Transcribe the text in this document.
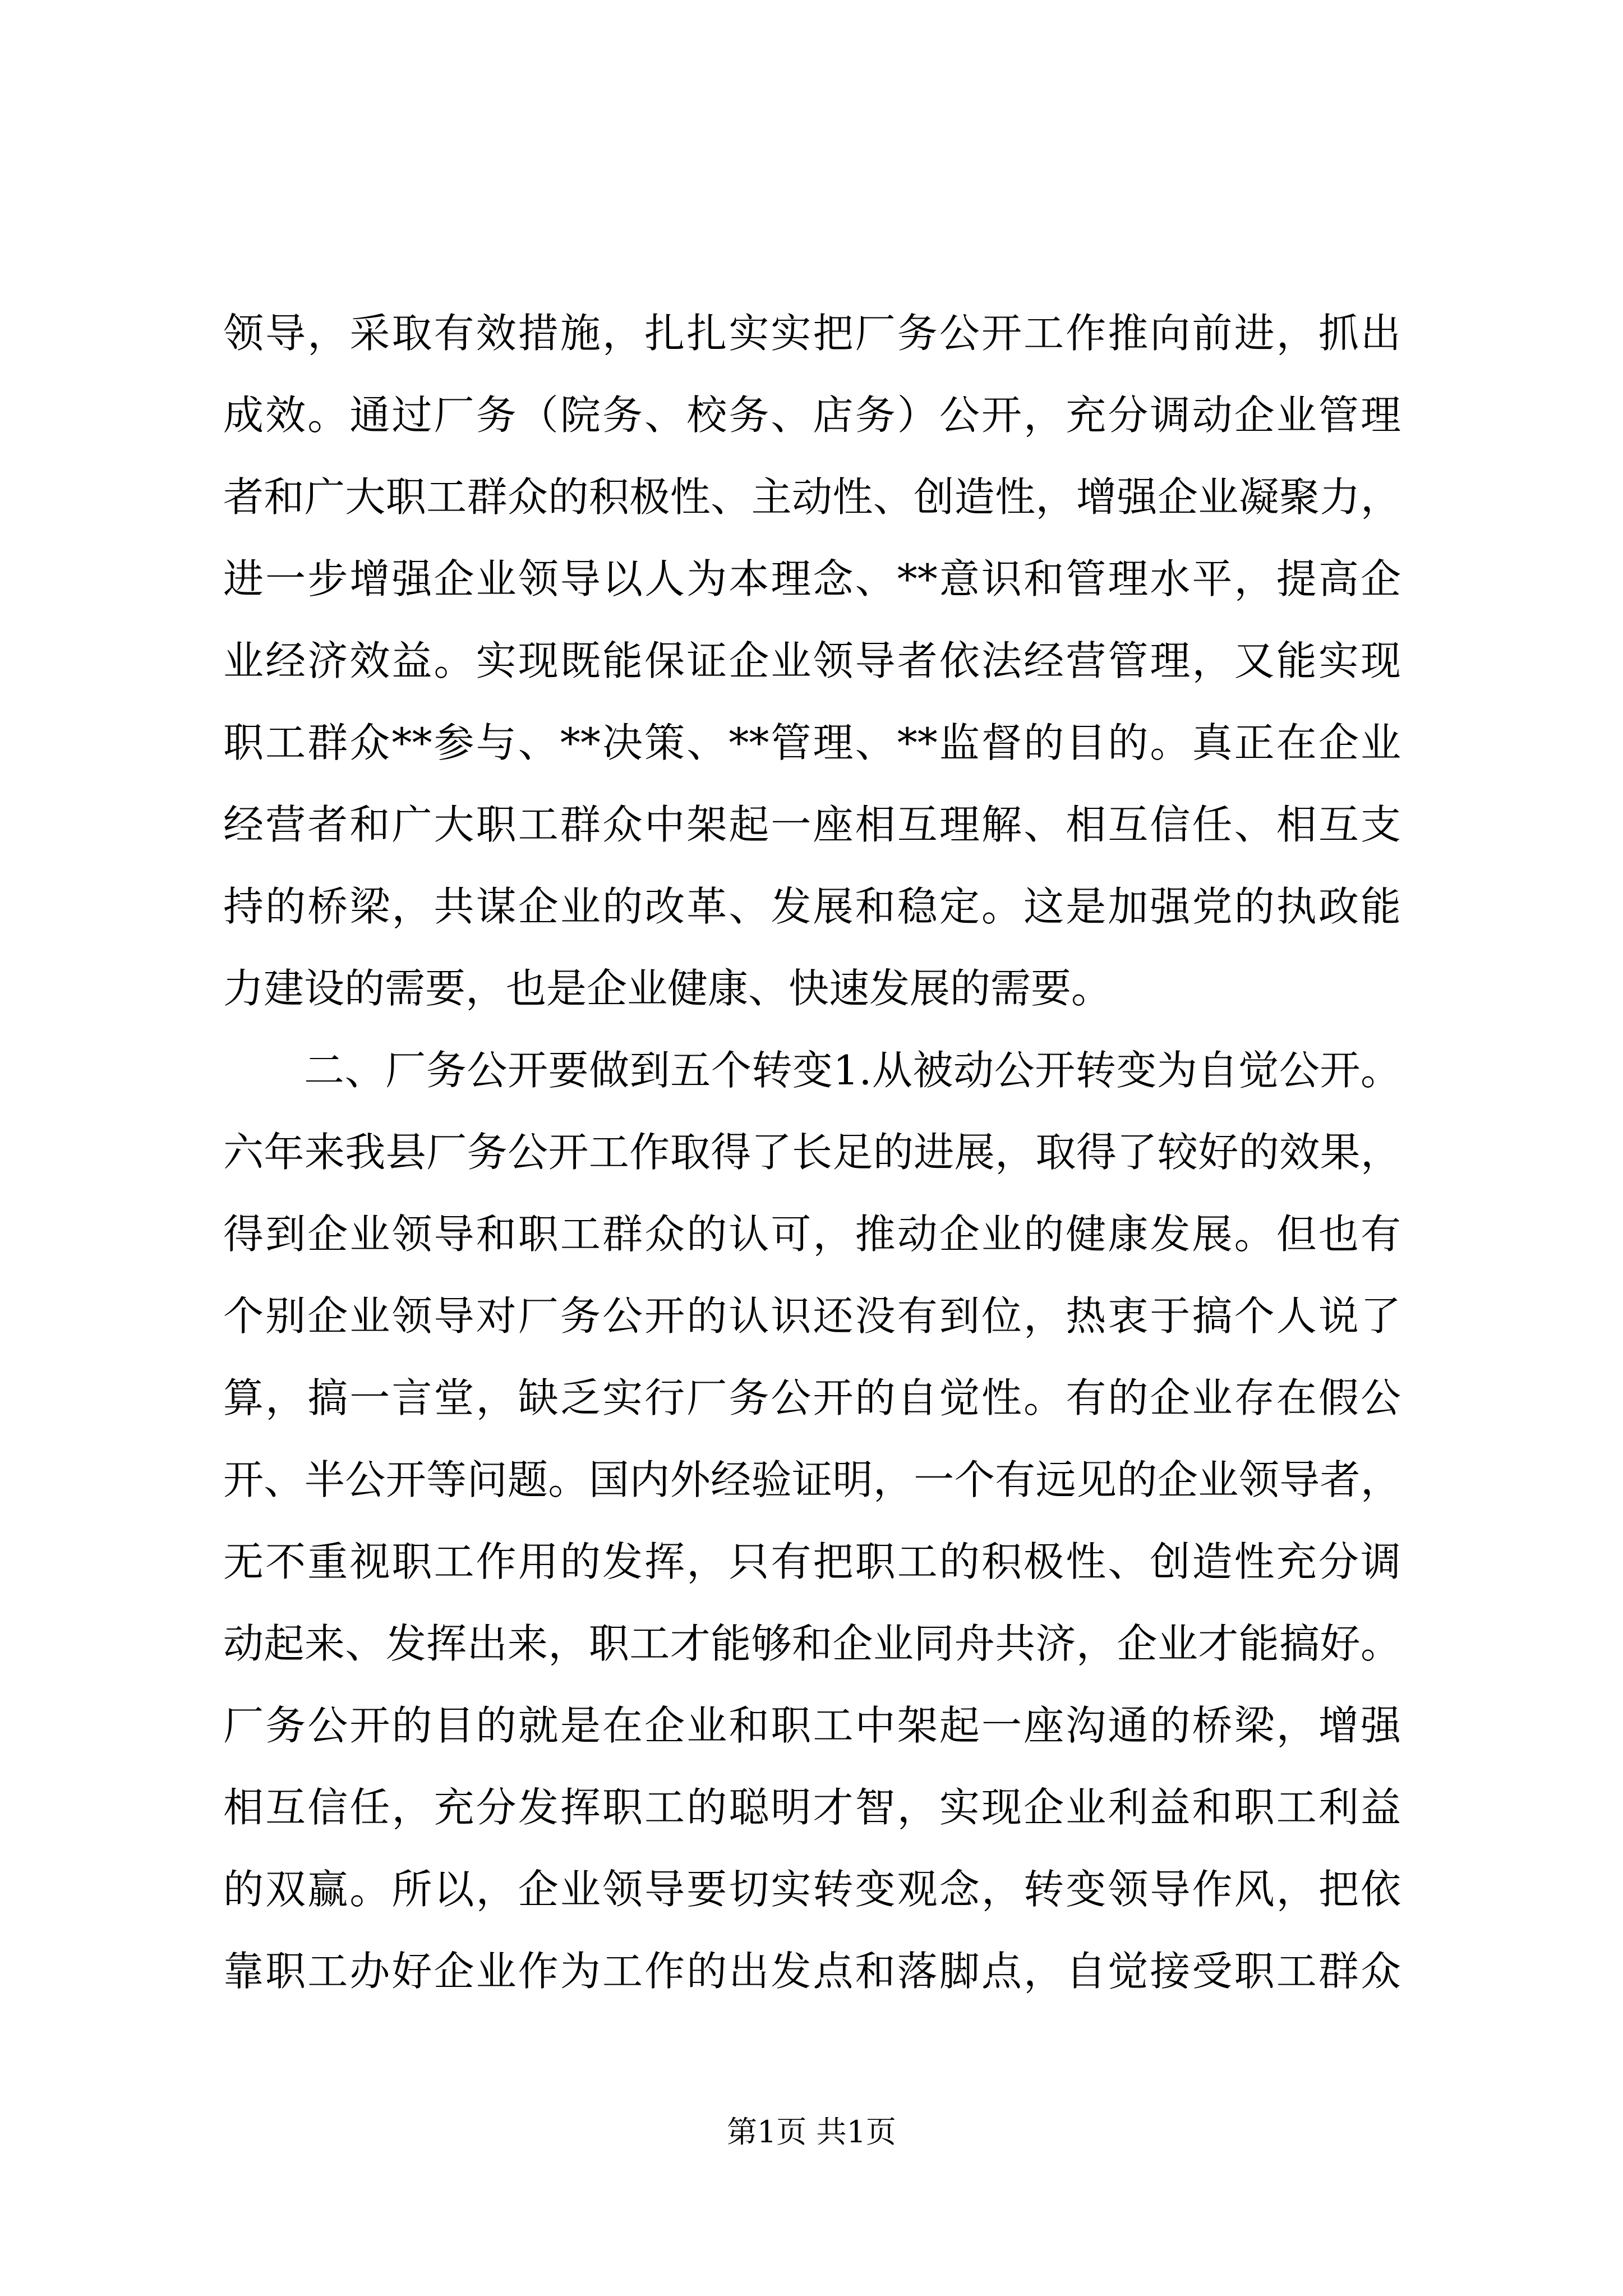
领导，采取有效措施，扎扎实实把厂务公开工作推向前进，抓出
成效。通过厂务（院务、校务、店务）公开，充分调动企业管理
者和广大职工群众的积极性、主动性、创造性，增强企业凝聚力，
进一步增强企业领导以人为本理念、**意识和管理水平，提高企
业经济效益。实现既能保证企业领导者依法经营管理，又能实现
职工群众**参与、**决策、**管理、**监督的目的。真正在企业
经营者和广大职工群众中架起一座相互理解、相互信任、相互支
持的桥梁，共谋企业的改革、发展和稳定。这是加强党的执政能
力建设的需要，也是企业健康、快速发展的需要。
二、厂务公开要做到五个转变1.从被动公开转变为自觉公开。
六年来我县厂务公开工作取得了长足的进展，取得了较好的效果，
得到企业领导和职工群众的认可，推动企业的健康发展。但也有
个别企业领导对厂务公开的认识还没有到位，热衷于搞个人说了
算，搞一言堂，缺乏实行厂务公开的自觉性。有的企业存在假公
开、半公开等问题。国内外经验证明，一个有远见的企业领导者，
无不重视职工作用的发挥，只有把职工的积极性、创造性充分调
动起来、发挥出来，职工才能够和企业同舟共济，企业才能搞好。
厂务公开的目的就是在企业和职工中架起一座沟通的桥梁，增强
相互信任，充分发挥职工的聪明才智，实现企业利益和职工利益
的双赢。所以，企业领导要切实转变观念，转变领导作风，把依
靠职工办好企业作为工作的出发点和落脚点，自觉接受职工群众
第1页 共1页
